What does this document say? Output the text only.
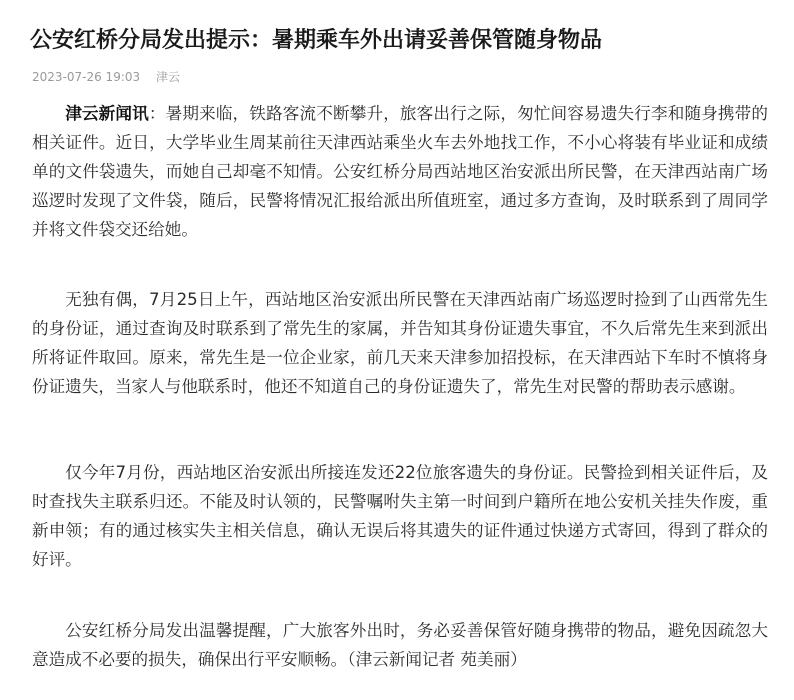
公安红桥分局发出提示：暑期乘车外出请妥善保管随身物品
2023-07-26 19:03 津云

津云新闻讯：暑期来临，铁路客流不断攀升，旅客出行之际，匆忙间容易遗失行李和随身携带的相关证件。近日，大学毕业生周某前往天津西站乘坐火车去外地找工作，不小心将装有毕业证和成绩单的文件袋遗失，而她自己却毫不知情。公安红桥分局西站地区治安派出所民警，在天津西站南广场巡逻时发现了文件袋，随后，民警将情况汇报给派出所值班室，通过多方查询，及时联系到了周同学并将文件袋交还给她。

无独有偶，7月25日上午，西站地区治安派出所民警在天津西站南广场巡逻时捡到了山西常先生的身份证，通过查询及时联系到了常先生的家属，并告知其身份证遗失事宜，不久后常先生来到派出所将证件取回。原来，常先生是一位企业家，前几天来天津参加招投标，在天津西站下车时不慎将身份证遗失，当家人与他联系时，他还不知道自己的身份证遗失了，常先生对民警的帮助表示感谢。

仅今年7月份，西站地区治安派出所接连发还22位旅客遗失的身份证。民警捡到相关证件后，及时查找失主联系归还。不能及时认领的，民警嘱咐失主第一时间到户籍所在地公安机关挂失作废，重新申领；有的通过核实失主相关信息，确认无误后将其遗失的证件通过快递方式寄回，得到了群众的好评。

公安红桥分局发出温馨提醒，广大旅客外出时，务必妥善保管好随身携带的物品，避免因疏忽大意造成不必要的损失，确保出行平安顺畅。（津云新闻记者 苑美丽）
